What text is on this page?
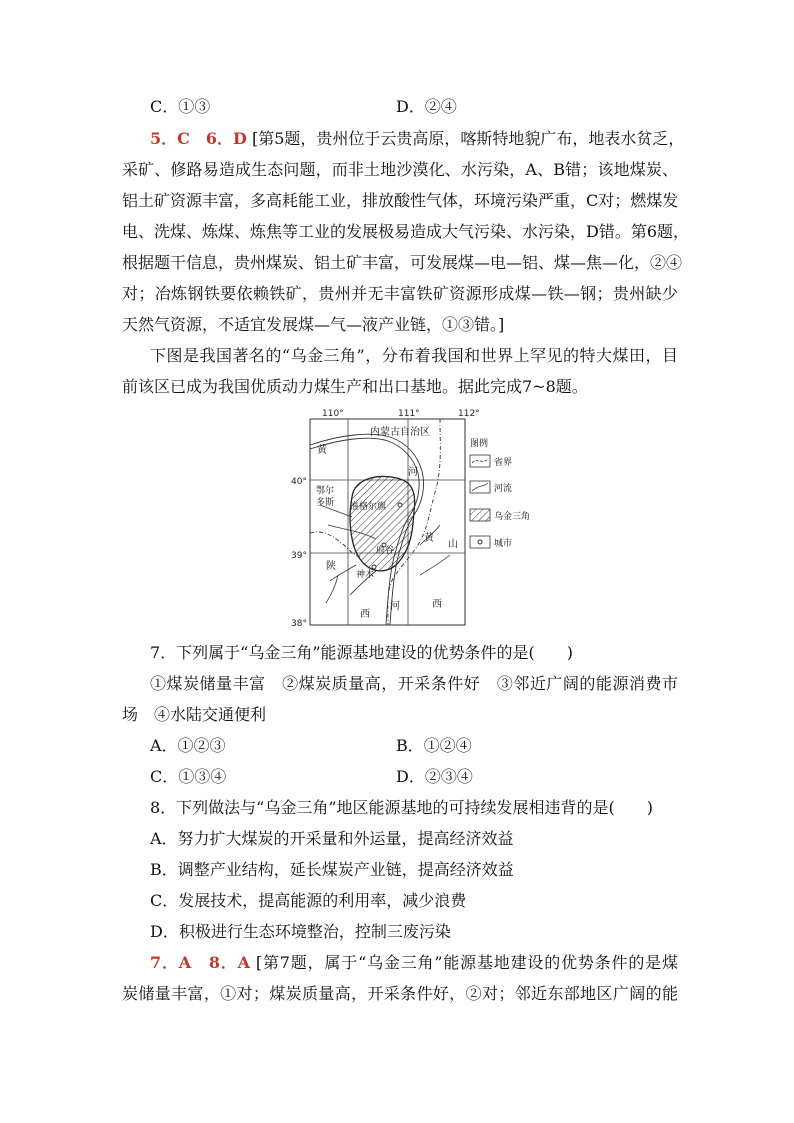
C．①③	D．②④
5．C　6．D [第5题，贵州位于云贵高原，喀斯特地貌广布，地表水贫乏，
采矿、修路易造成生态问题，而非土地沙漠化、水污染，A、B错；该地煤炭、
铝土矿资源丰富，多高耗能工业，排放酸性气体，环境污染严重，C对；燃煤发
电、洗煤、炼煤、炼焦等工业的发展极易造成大气污染、水污染，D错。第6题，
根据题干信息，贵州煤炭、铝土矿丰富，可发展煤—电—铝、煤—焦—化，②④
对；冶炼钢铁要依赖铁矿，贵州并无丰富铁矿资源形成煤—铁—钢；贵州缺少
天然气资源，不适宜发展煤—气—液产业链，①③错。]
下图是我国著名的“乌金三角”，分布着我国和世界上罕见的特大煤田，目
前该区已成为我国优质动力煤生产和出口基地。据此完成7~8题。
110°	111°	112°
40°
39°
38°
内蒙古自治区
黄
河
鄂尔
多斯 准格尔旗
府谷
黄
山
神木
陕
西
河	西
图例
省界
河流
乌金三角
城市
7．下列属于“乌金三角”能源基地建设的优势条件的是(　　)
①煤炭储量丰富　②煤炭质量高，开采条件好　③邻近广阔的能源消费市
场　④水陆交通便利
A．①②③	B．①②④
C．①③④	D．②③④
8．下列做法与“乌金三角”地区能源基地的可持续发展相违背的是(　　)
A．努力扩大煤炭的开采量和外运量，提高经济效益
B．调整产业结构，延长煤炭产业链，提高经济效益
C．发展技术，提高能源的利用率，减少浪费
D．积极进行生态环境整治，控制三废污染
7．A　8．A [第7题，属于“乌金三角”能源基地建设的优势条件的是煤
炭储量丰富，①对；煤炭质量高，开采条件好，②对；邻近东部地区广阔的能
